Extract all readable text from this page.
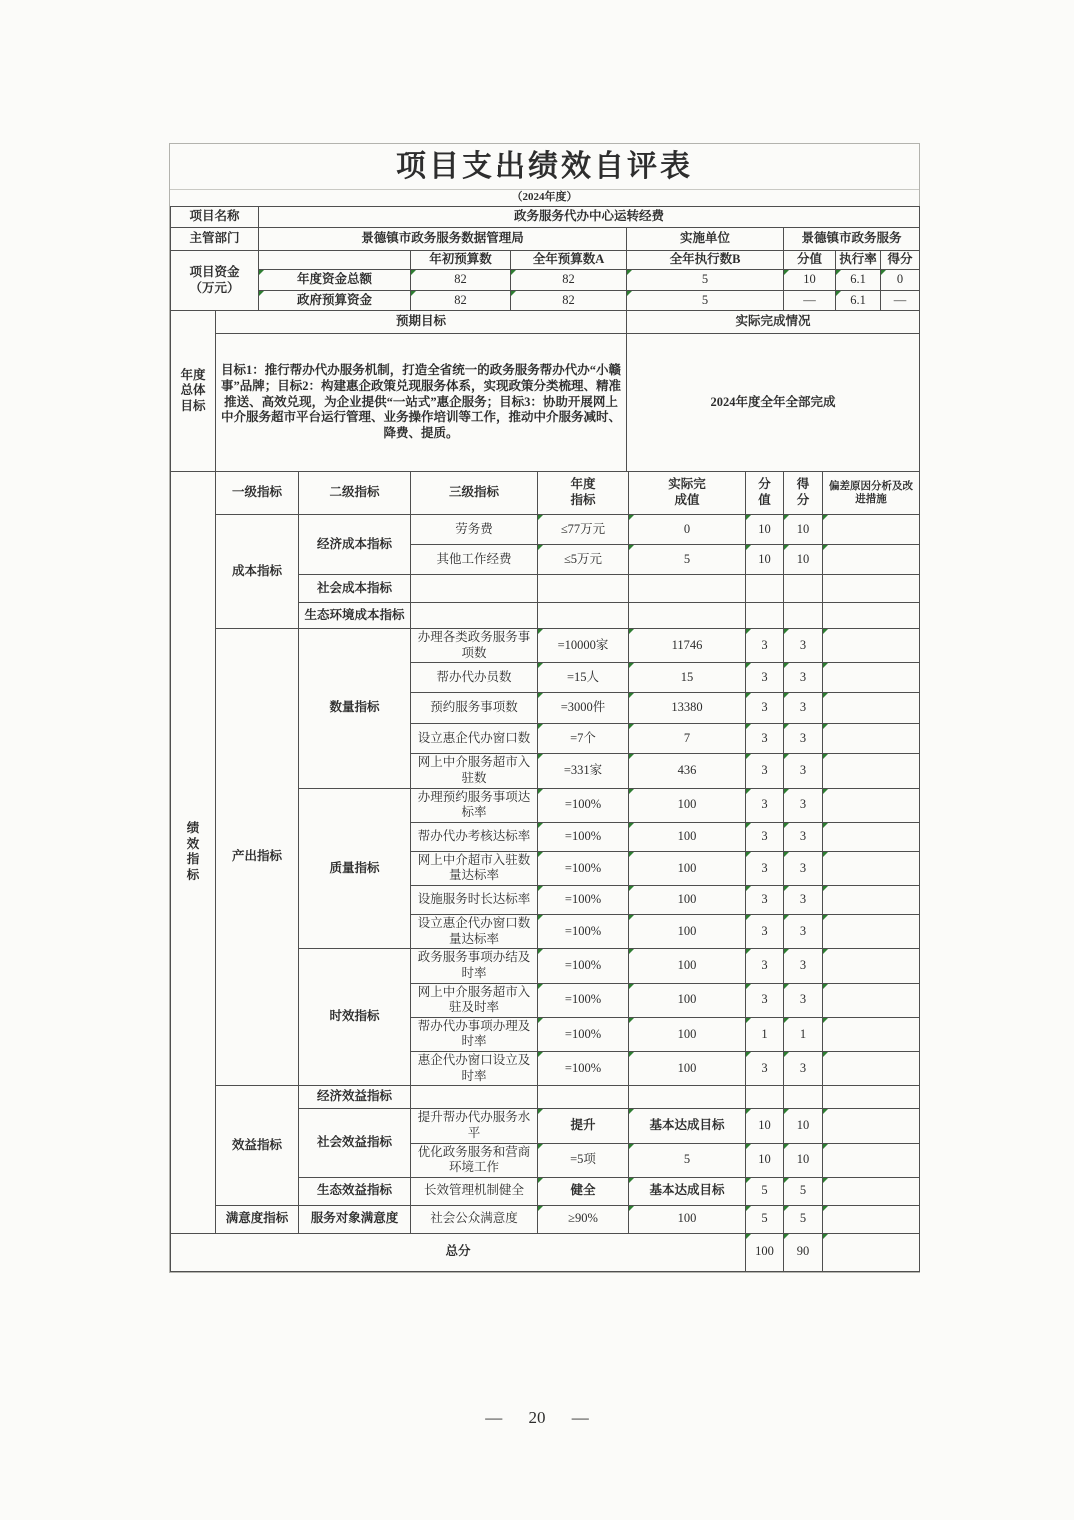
项目支出绩效自评表
（2024年度）
项目名称		政务服务代办中心运转经费						
主管部门		景德镇市政务服务数据管理局			实施单位	景德镇市政务服务		

项目资金（万元）			年初预算数	全年预算数A	全年执行数B	分值	执行率	得分
		年度资金总额	82	82	5	10	6.1	0
		政府预算资金	82	82	5	—	6.1	—

年度总体目标	预期目标				实际完成情况			
	目标1：推行帮办代办服务机制，打造全省统一的政务服务帮办代办“小赣事”品牌；目标2：构建惠企政策兑现服务体系，实现政策分类梳理、精准推送、高效兑现，为企业提供“一站式”惠企服务；目标3：协助开展网上中介服务超市平台运行管理、业务操作培训等工作，推动中介服务减时、降费、提质。				2024年度全年全部完成			
绩效指标	一级指标	二级指标	三级指标	年度指标	实际完成值	分值	得分	偏差原因分析及改进措施

	成本指标	经济成本指标	劳务费	≤77万元	0	10	10	
			其他工作经费	≤5万元	5	10	10	
		社会成本指标						
		生态环境成本指标						
	产出指标	数量指标	办理各类政务服务事项数	=10000家	11746	3	3	
			帮办代办员数	=15人	15	3	3	
			预约服务事项数	=3000件	13380	3	3	
			设立惠企代办窗口数	=7个	7	3	3	
			网上中介服务超市入驻数	=331家	436	3	3	
		质量指标	办理预约服务事项达标率	=100%	100	3	3	
			帮办代办考核达标率	=100%	100	3	3	
			网上中介超市入驻数量达标率	=100%	100	3	3	
			设施服务时长达标率	=100%	100	3	3	
			设立惠企代办窗口数量达标率	=100%	100	3	3	
		时效指标	政务服务事项办结及时率	=100%	100	3	3	
			网上中介服务超市入驻及时率	=100%	100	3	3	
			帮办代办事项办理及时率	=100%	100	1	1	
			惠企代办窗口设立及时率	=100%	100	3	3	
	效益指标	经济效益指标						
		社会效益指标	提升帮办代办服务水平	提升	基本达成目标	10	10	
			优化政务服务和营商环境工作	=5项	5	10	10	
		生态效益指标	长效管理机制健全	健全	基本达成目标	5	5	
	满意度指标	服务对象满意度	社会公众满意度	≥90%	100	5	5	
总分						100	90	
— 20 —
